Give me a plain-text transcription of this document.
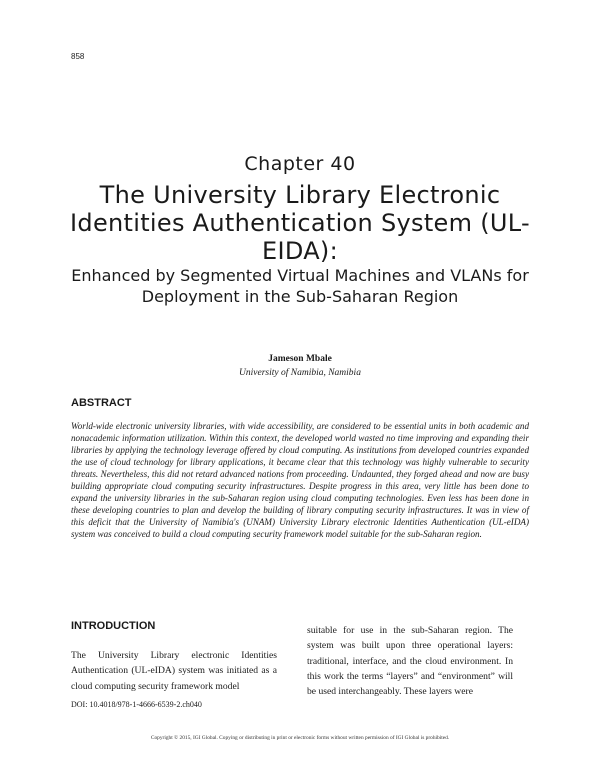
858
Chapter 40
The University Library Electronic Identities Authentication System (UL-EIDA):
Enhanced by Segmented Virtual Machines and VLANs for Deployment in the Sub-Saharan Region
Jameson Mbale
University of Namibia, Namibia
ABSTRACT

World-wide electronic university libraries, with wide accessibility, are considered to be essential units in both academic and nonacademic information utilization. Within this context, the developed world wasted no time improving and expanding their libraries by applying the technology leverage offered by cloud computing. As institutions from developed countries expanded the use of cloud technology for library applications, it became clear that this technology was highly vulnerable to security threats. Nevertheless, this did not retard advanced nations from proceeding. Undaunted, they forged ahead and now are busy building appropriate cloud computing security infrastructures. Despite progress in this area, very little has been done to expand the university libraries in the sub-Saharan region using cloud computing technologies. Even less has been done in these developing countries to plan and develop the building of library computing security infrastructures. It was in view of this deficit that the University of Namibia's (UNAM) University Library electronic Identities Authentication (UL-eIDA) system was conceived to build a cloud computing security framework model suitable for the sub-Saharan region.

INTRODUCTION

The University Library electronic Identities Authentication (UL-eIDA) system was initiated as a cloud computing security framework model

suitable for use in the sub-Saharan region. The system was built upon three operational layers: traditional, interface, and the cloud environment. In this work the terms “layers” and “environment” will be used interchangeably. These layers were

DOI: 10.4018/978-1-4666-6539-2.ch040
Copyright © 2015, IGI Global. Copying or distributing in print or electronic forms without written permission of IGI Global is prohibited.
